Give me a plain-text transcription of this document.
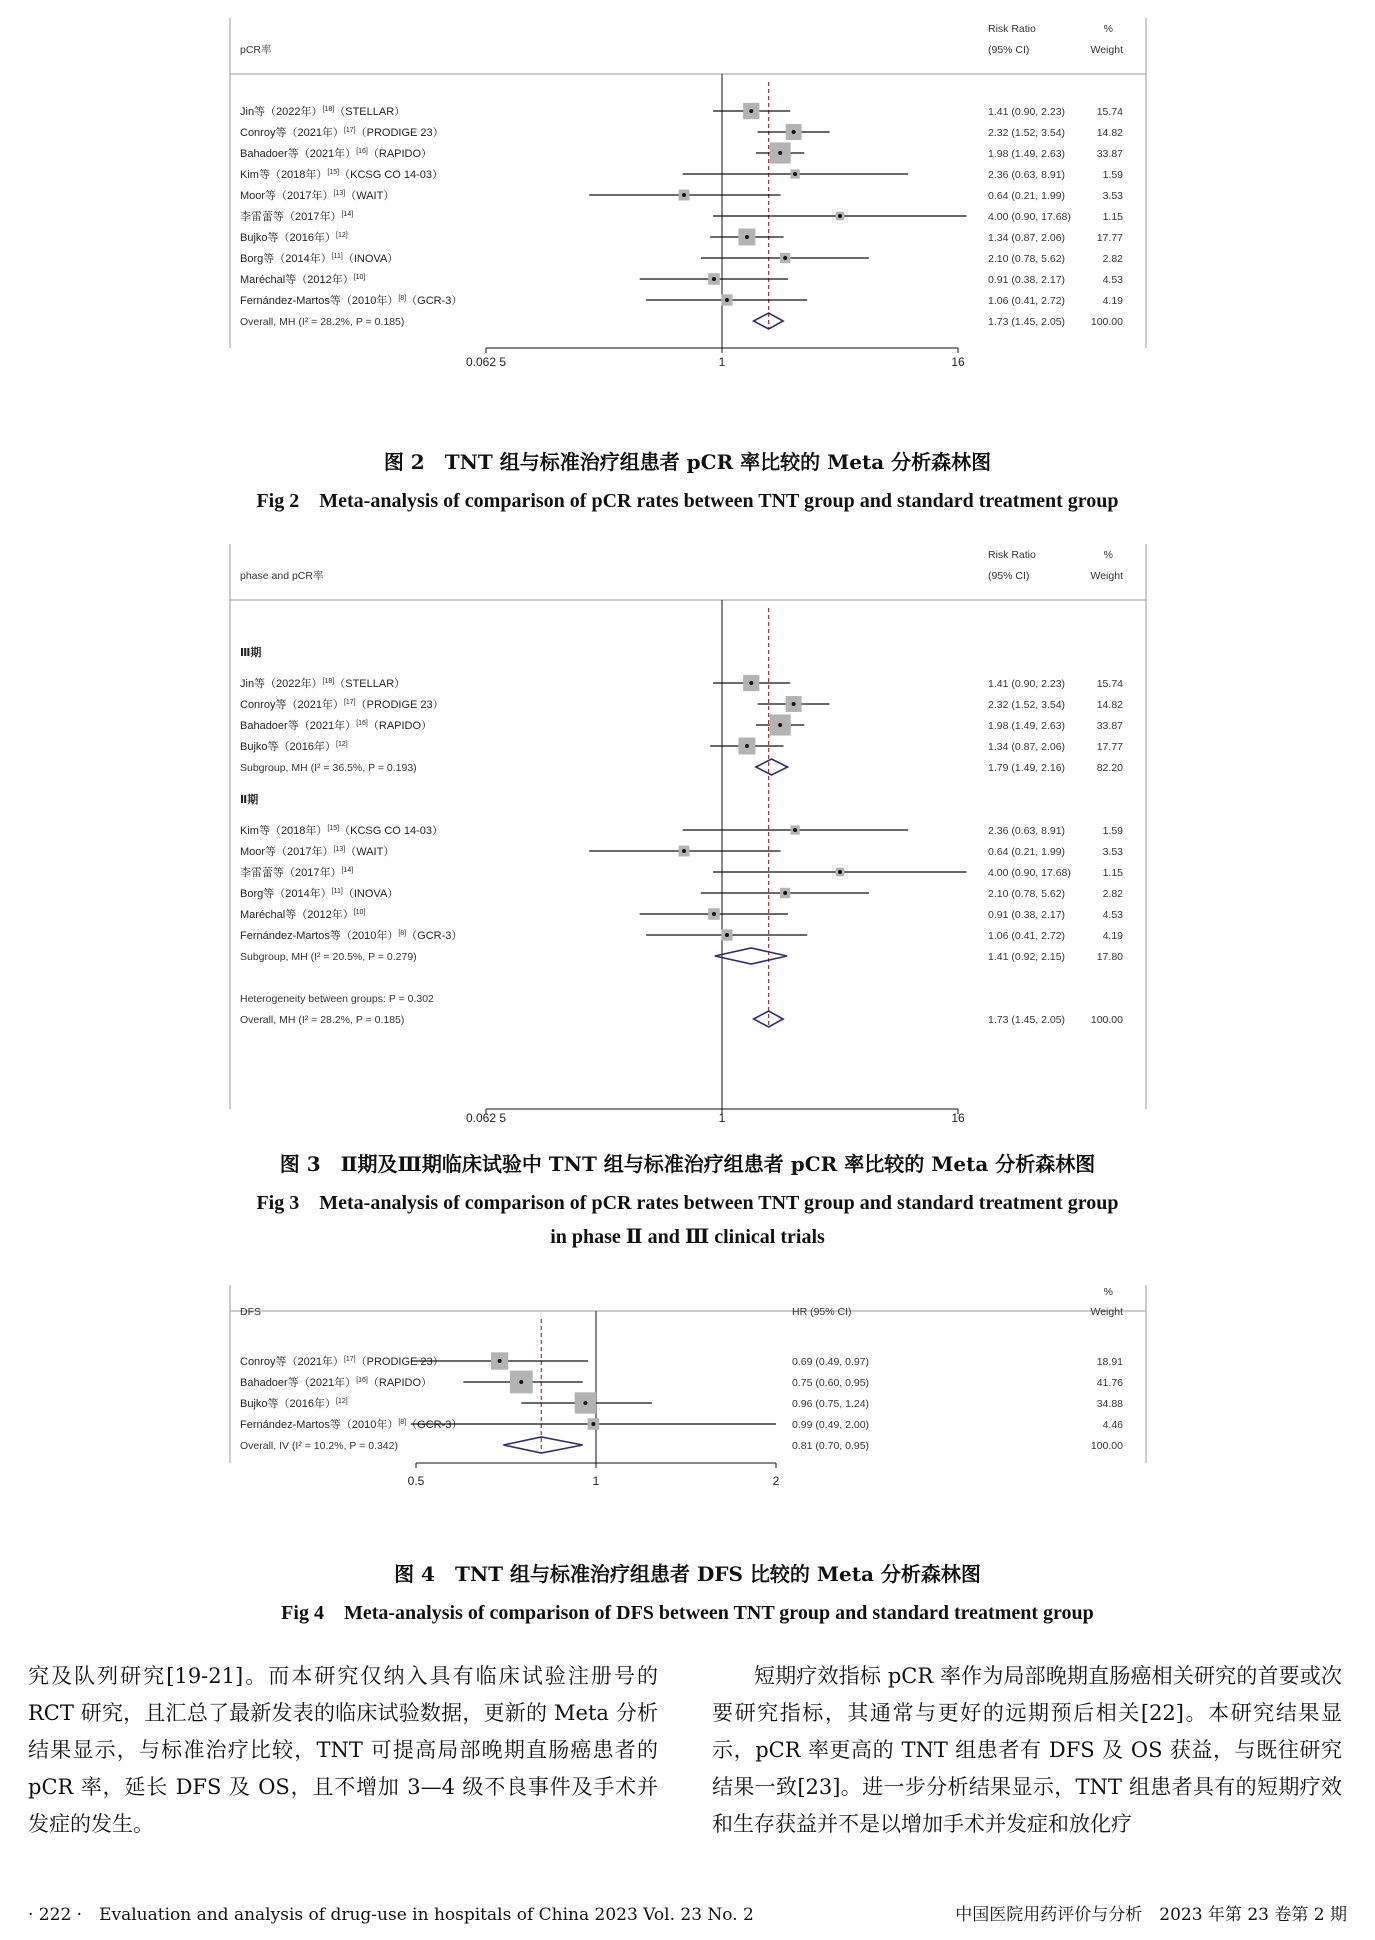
pCR率
Risk Ratio
(95% CI)
%
Weight
Jin等（2022年）[18]（STELLAR）	1.41 (0.90, 2.23)	15.74
Conroy等（2021年）[17]（PRODIGE 23）	2.32 (1.52, 3.54)	14.82
Bahadoer等（2021年）[16]（RAPIDO）	1.98 (1.49, 2.63)	33.87
Kim等（2018年）[15]（KCSG CO 14-03）	2.36 (0.63, 8.91)	1.59
Moor等（2017年）[13]（WAIT）	0.64 (0.21, 1.99)	3.53
李雷蕾等（2017年）[14]	4.00 (0.90, 17.68)	1.15
Bujko等（2016年）[12]	1.34 (0.87, 2.06)	17.77
Borg等（2014年）[11]（INOVA）	2.10 (0.78, 5.62)	2.82
Maréchal等（2012年）[10]	0.91 (0.38, 2.17)	4.53
Fernández-Martos等（2010年）[8]（GCR-3）	1.06 (0.41, 2.72)	4.19
Overall, MH (I² = 28.2%, P = 0.185)	1.73 (1.45, 2.05) 100.00
0.062 5	1	16
图 2　TNT 组与标准治疗组患者 pCR 率比较的 Meta 分析森林图
Fig 2　Meta-analysis of comparison of pCR rates between TNT group and standard treatment group
phase and pCR率
Risk Ratio
(95% CI)
%
Weight
Ⅲ期
Jin等（2022年）[18]（STELLAR）	1.41 (0.90, 2.23)	15.74
Conroy等（2021年）[17]（PRODIGE 23）	2.32 (1.52, 3.54)	14.82
Bahadoer等（2021年）[16]（RAPIDO）	1.98 (1.49, 2.63)	33.87
Bujko等（2016年）[12]	1.34 (0.87, 2.06)	17.77
Subgroup, MH (I² = 36.5%, P = 0.193)	1.79 (1.49, 2.16)	82.20
Ⅱ期
Kim等（2018年）[15]（KCSG CO 14-03）	2.36 (0.63, 8.91)	1.59
Moor等（2017年）[13]（WAIT）	0.64 (0.21, 1.99)	3.53
李雷蕾等（2017年）[14]	4.00 (0.90, 17.68)	1.15
Borg等（2014年）[11]（INOVA）	2.10 (0.78, 5.62)	2.82
Maréchal等（2012年）[10]	0.91 (0.38, 2.17)	4.53
Fernández-Martos等（2010年）[8]（GCR-3）	1.06 (0.41, 2.72)	4.19
Subgroup, MH (I² = 20.5%, P = 0.279)	1.41 (0.92, 2.15)	17.80
Heterogeneity between groups: P = 0.302
Overall, MH (I² = 28.2%, P = 0.185)	1.73 (1.45, 2.05) 100.00
0.062 5	1	16
图 3　Ⅱ期及Ⅲ期临床试验中 TNT 组与标准治疗组患者 pCR 率比较的 Meta 分析森林图
Fig 3　Meta-analysis of comparison of pCR rates between TNT group and standard treatment group
in phase Ⅱ and Ⅲ clinical trials
DFS	HR (95% CI)
%
Weight
Conroy等（2021年）[17]（PRODIGE 23）	0.69 (0.49, 0.97)	18.91
Bahadoer等（2021年）[16]（RAPIDO）	0.75 (0.60, 0.95)	41.76
Bujko等（2016年）[12]	0.96 (0.75, 1.24)	34.88
Fernández-Martos等（2010年）[8]（GCR-3）	0.99 (0.49, 2.00)	4.46
Overall, IV (I² = 10.2%, P = 0.342)	0.81 (0.70, 0.95)	100.00
0.5	1	2
图 4　TNT 组与标准治疗组患者 DFS 比较的 Meta 分析森林图
Fig 4　Meta-analysis of comparison of DFS between TNT group and standard treatment group

究及队列研究[19-21]。而本研究仅纳入具有临床试验注册号的 RCT 研究，且汇总了最新发表的临床试验数据，更新的 Meta 分析结果显示，与标准治疗比较，TNT 可提高局部晚期直肠癌患者的 pCR 率，延长 DFS 及 OS，且不增加 3—4 级不良事件及手术并发症的发生。

短期疗效指标 pCR 率作为局部晚期直肠癌相关研究的首要或次要研究指标，其通常与更好的远期预后相关[22]。本研究结果显示，pCR 率更高的 TNT 组患者有 DFS 及 OS 获益，与既往研究结果一致[23]。进一步分析结果显示，TNT 组患者具有的短期疗效和生存获益并不是以增加手术并发症和放化疗

· 222 ·　Evaluation and analysis of drug-use in hospitals of China 2023 Vol. 23 No. 2	中国医院用药评价与分析　2023 年第 23 卷第 2 期
